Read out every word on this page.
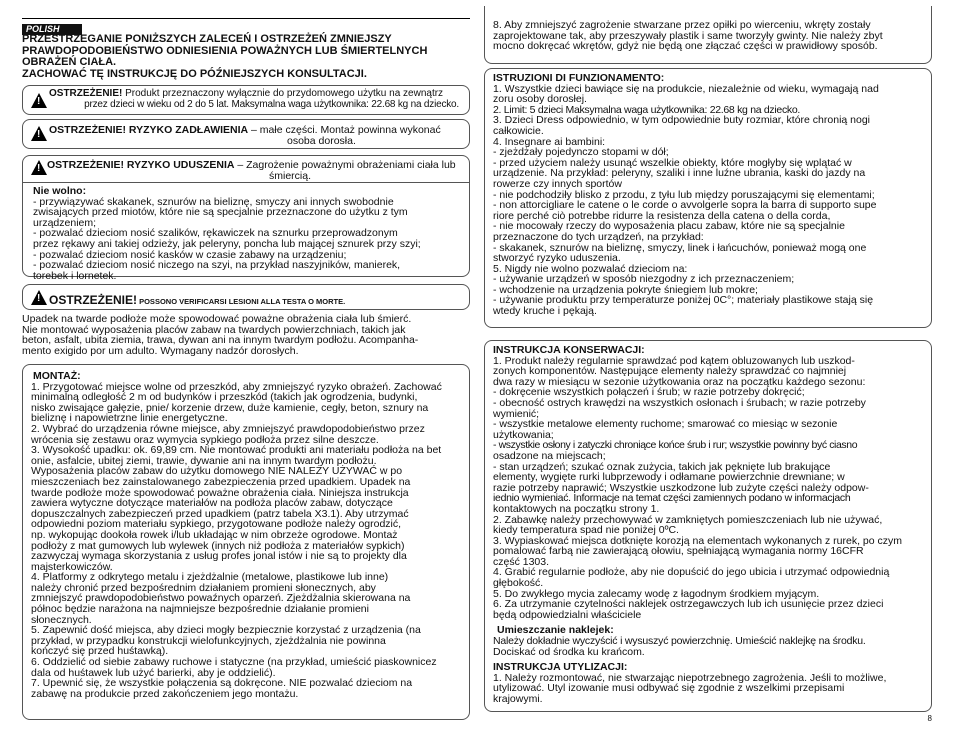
POLISH
PRZESTRZEGANIE PONIŻSZYCH ZALECEŃ I OSTRZEŻEŃ ZMNIEJSZY
PRAWDOPODOBIEŃSTWO ODNIESIENIA POWAŻNYCH LUB ŚMIERTELNYCH
OBRAŻEŃ CIAŁA.
ZACHOWAĆ TĘ INSTRUKCJĘ DO PÓŹNIEJSZYCH KONSULTACJI.
!
OSTRZEŻENIE! Produkt przeznaczony wyłącznie do przydomowego użytku na zewnątrz
przez dzieci w wieku od 2 do 5 lat. Maksymalna waga użytkownika: 22.68 kg na dziecko.
!
OSTRZEŻENIE! RYZYKO ZADŁAWIENIA – małe części. Montaż powinna wykonać
osoba dorosła.
!
OSTRZEŻENIE! RYZYKO UDUSZENIA – Zagrożenie poważnymi obrażeniami ciała lub
śmiercią.
Nie wolno:
- przywiązywać skakanek, sznurów na bieliznę, smyczy ani innych swobodnie
zwisających przed miotów, które nie są specjalnie przeznaczone do użytku z tym
urządzeniem;
- pozwalać dzieciom nosić szalików, rękawiczek na sznurku przeprowadzonym
przez rękawy ani takiej odzieży, jak peleryny, poncha lub mającej sznurek przy szyi;
- pozwalać dzieciom nosić kasków w czasie zabawy na urządzeniu;
- pozwalać dzieciom nosić niczego na szyi, na przykład naszyjników, manierek,
torebek i lornetek.
!
OSTRZEŻENIE! POSSONO VERIFICARSI LESIONI ALLA TESTA O MORTE.
Upadek na twarde podłoże może spowodować poważne obrażenia ciała lub śmierć.
Nie montować wyposażenia placów zabaw na twardych powierzchniach, takich jak
beton, asfalt, ubita ziemia, trawa, dywan ani na innym twardym podłożu. Acompanha-
mento exigido por um adulto. Wymagany nadzór dorosłych.
MONTAŻ:
1. Przygotować miejsce wolne od przeszkód, aby zmniejszyć ryzyko obrażeń. Zachować
minimalną odległość 2 m od budynków i przeszkód (takich jak ogrodzenia, budynki,
nisko zwisające gałęzie, pnie/ korzenie drzew, duże kamienie, cegły, beton, sznury na
bieliznę i napowietrzne linie energetyczne.
2. Wybrać do urządzenia równe miejsce, aby zmniejszyć prawdopodobieństwo przez
wrócenia się zestawu oraz wymycia sypkiego podłoża przez silne deszcze.
3. Wysokość upadku: ok. 69,89 cm. Nie montować produkti ani materiału podłoża na bet
onie, asfalcie, ubitej ziemi, trawie, dywanie ani na innym twardym podłożu.
Wyposażenia placów zabaw do użytku domowego NIE NALEŻY UŻYWAĆ w po
mieszczeniach bez zainstalowanego zabezpieczenia przed upadkiem. Upadek na
twarde podłoże może spowodować poważne obrażenia ciała. Niniejsza instrukcja
zawiera wytyczne dotyczące materiałów na podłoża placów zabaw, dotyczące
dopuszczalnych zabezpieczeń przed upadkiem (patrz tabela X3.1). Aby utrzymać
odpowiedni poziom materiału sypkiego, przygotowane podłoże należy ogrodzić,
np. wykopując dookoła rowek i/lub układając w nim obrzeże ogrodowe. Montaż
podłoży z mat gumowych lub wylewek (innych niż podłoża z materiałów sypkich)
zazwyczaj wymaga skorzystania z usług profes jonal istów i nie są to projekty dla
majsterkowiczów.
4. Platformy z odkrytego metalu i zjeżdżalnie (metalowe, plastikowe lub inne)
należy chronić przed bezpośrednim działaniem promieni słonecznych, aby
zmniejszyć prawdopodobieństwo powaźnych oparzeń. Zjeżdżalnia skierowana na
północ będzie narażona na najmniejsze bezpośrednie działanie promieni
słonecznych.
5. Zapewnić dość miejsca, aby dzieci mogły bezpiecznie korzystać z urządzenia (na
przykład, w przypadku konstrukcji wielofunkcyjnych, zjeżdżalnia nie powinna
kończyć się przed huśtawką).
6. Oddzielić od siebie zabawy ruchowe i statyczne (na przykład, umieścić piaskownicez
dala od huśtawek lub użyć barierki, aby je oddzielić).
7. Upewnić się, że wszystkie połączenia są dokręcone. NIE pozwalać dzieciom na
zabawę na produkcie przed zakończeniem jego montażu.
8. Aby zmniejszyć zagrożenie stwarzane przez opiłki po wierceniu, wkręty zostały
zaprojektowane tak, aby przeszywały plastik i same tworzyły gwinty. Nie należy zbyt
mocno dokręcać wkrętów, gdyż nie będą one złączać części w prawidłowy sposób.
ISTRUZIONI DI FUNZIONAMENTO:
1. Wszystkie dzieci bawiące się na produkcie, niezależnie od wieku, wymagają nad
zoru osoby dorosłej.
2. Limit: 5 dzieci Maksymalna waga użytkownika: 22.68 kg na dziecko.
3. Dzieci Dress odpowiednio, w tym odpowiednie buty rozmiar, które chronią nogi
całkowicie.
4. Insegnare ai bambini:
- zjeżdżały pojedynczo stopami w dół;
- przed użyciem należy usunąć wszelkie obiekty, które mogłyby się wplątać w
urządzenie. Na przykład: peleryny, szaliki i inne luźne ubrania, kaski do jazdy na
rowerze czy innych sportów
- nie podchodziły blisko z przodu, z tyłu lub między poruszającymi się elementami;
- non attorcigliare le catene o le corde o avvolgerle sopra la barra di supporto supe
riore perché ciò potrebbe ridurre la resistenza della catena o della corda,
- nie mocowały rzeczy do wyposażenia placu zabaw, które nie są specjalnie
przeznaczone do tych urządzeń, na przykład:
- skakanek, sznurów na bieliznę, smyczy, linek i łańcuchów, ponieważ mogą one
stworzyć ryzyko uduszenia.
5. Nigdy nie wolno pozwalać dzieciom na:
- używanie urządzeń w sposób niezgodny z ich przeznaczeniem;
- wchodzenie na urządzenia pokryte śniegiem lub mokre;
- używanie produktu przy temperaturze poniżej 0C°; materiały plastikowe stają się
wtedy kruche i pękają.
INSTRUKCJA KONSERWACJI:
1. Produkt należy regularnie sprawdzać pod kątem obluzowanych lub uszkod-
zonych komponentów. Następujące elementy należy sprawdzać co najmniej
dwa razy w miesiącu w sezonie użytkowania oraz na początku każdego sezonu:
- dokręcenie wszystkich połączeń i śrub; w razie potrzeby dokręcić;
- obecność ostrych krawędzi na wszystkich osłonach i śrubach; w razie potrzeby
wymienić;
- wszystkie metalowe elementy ruchome; smarować co miesiąc w sezonie
użytkowania;
- wszystkie osłony i zatyczki chroniące końce śrub i rur; wszystkie powinny być ciasno
osadzone na miejscach;
- stan urządzeń; szukać oznak zużycia, takich jak pęknięte lub brakujące
elementy, wygięte rurki lubprzewody i odłamane powierzchnie drewniane; w
razie potrzeby naprawić; Wszystkie uszkodzone lub zużyte części należy odpow-
iednio wymieniać. Informacje na temat części zamiennych podano w informacjach
kontaktowych na początku strony 1.
2. Zabawkę należy przechowywać w zamkniętych pomieszczeniach lub nie używać,
kiedy temperatura spad nie poniżej 0ºC.
3. Wypiaskować miejsca dotknięte korozją na elementach wykonanych z rurek, po czym
pomalować farbą nie zawierającą ołowiu, spełniającą wymagania normy 16CFR
część 1303.
4. Grabić regularnie podłoże, aby nie dopuścić do jego ubicia i utrzymać odpowiednią
głębokość.
5. Do zwykłego mycia zalecamy wodę z łagodnym środkiem myjącym.
6. Za utrzymanie czytelności naklejek ostrzegawczych lub ich usunięcie przez dzieci
będą odpowiedzialni właściciele
Umieszczanie naklejek:
Należy dokładnie wyczyścić i wysuszyć powierzchnię. Umieścić naklejkę na środku.
Dociskać od środka ku krańcom.
INSTRUKCJA UTYLIZACJI:
1. Należy rozmontować, nie stwarzając niepotrzebnego zagrożenia. Jeśli to możliwe,
utylizować. Utyl izowanie musi odbywać się zgodnie z wszelkimi przepisami
krajowymi.
8
